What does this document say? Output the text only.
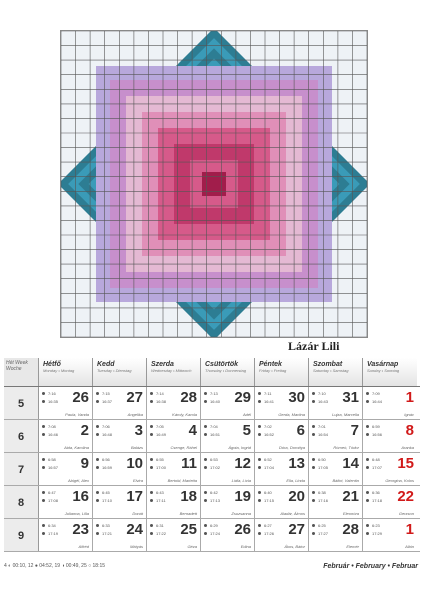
Lázár Lili
Hét Week Woche
Hétfő
Monday • Montag
Kedd
Tuesday • Dienstag
Szerda
Wednesday • Mittwoch
Csütörtök
Thursday • Donnerstag
Péntek
Friday • Freitag
Szombat
Saturday • Samstag
Vasárnap
Sunday • Sonntag
5	26
7:16
16:35
Paula, Vanda
27
7:15
16:37
Angelika
28
7:14
16:38
Károly, Karola
29
7:13
16:40
Adél
30
7:11
16:41
Gerda, Martina
31
7:10
16:43
Lujza, Marcella
1
7:09
16:44
Ignác
6	2
7:08
16:46
Aida, Karolina
3
7:06
16:48
Balázs
4
7:05
16:49
Csenge, Ráhel
5
7:04
16:51
Ágota, Ingrid
6
7:02
16:52
Dóra, Dorottya
7
7:01
16:54
Rómeó, Tódor
8
6:59
16:56
Aranka
7	9
6:58
16:57
Abigél, Alex
10
6:56
16:59
Elvira
11
6:55
17:00
Bertold, Marietta
12
6:53
17:02
Lídia, Lívia
13
6:52
17:04
Ella, Linda
14
6:50
17:05
Bálint, Valentin
15
6:48
17:07
Georgina, Kolos
8	16
6:47
17:08
Julianna, Lilla
17
6:45
17:10
Donát
18
6:43
17:11
Bernadett
19
6:42
17:13
Zsuzsanna
20
6:40
17:15
Aladár, Álmos
21
6:38
17:16
Eleonóra
22
6:36
17:18
Gerzson
9	23
6:34
17:19
Alfréd
24
6:33
17:21
Mátyás
25
6:31
17:22
Géza
26
6:29
17:24
Edina
27
6:27
17:26
Ákos, Bátor
28
6:25
17:27
Elemér
1
6:23
17:29
Albin
4 ◐ 00:10, 12 ● 04:52, 19 ◑ 00:49, 25 ○ 18:15	Február • February • Februar
